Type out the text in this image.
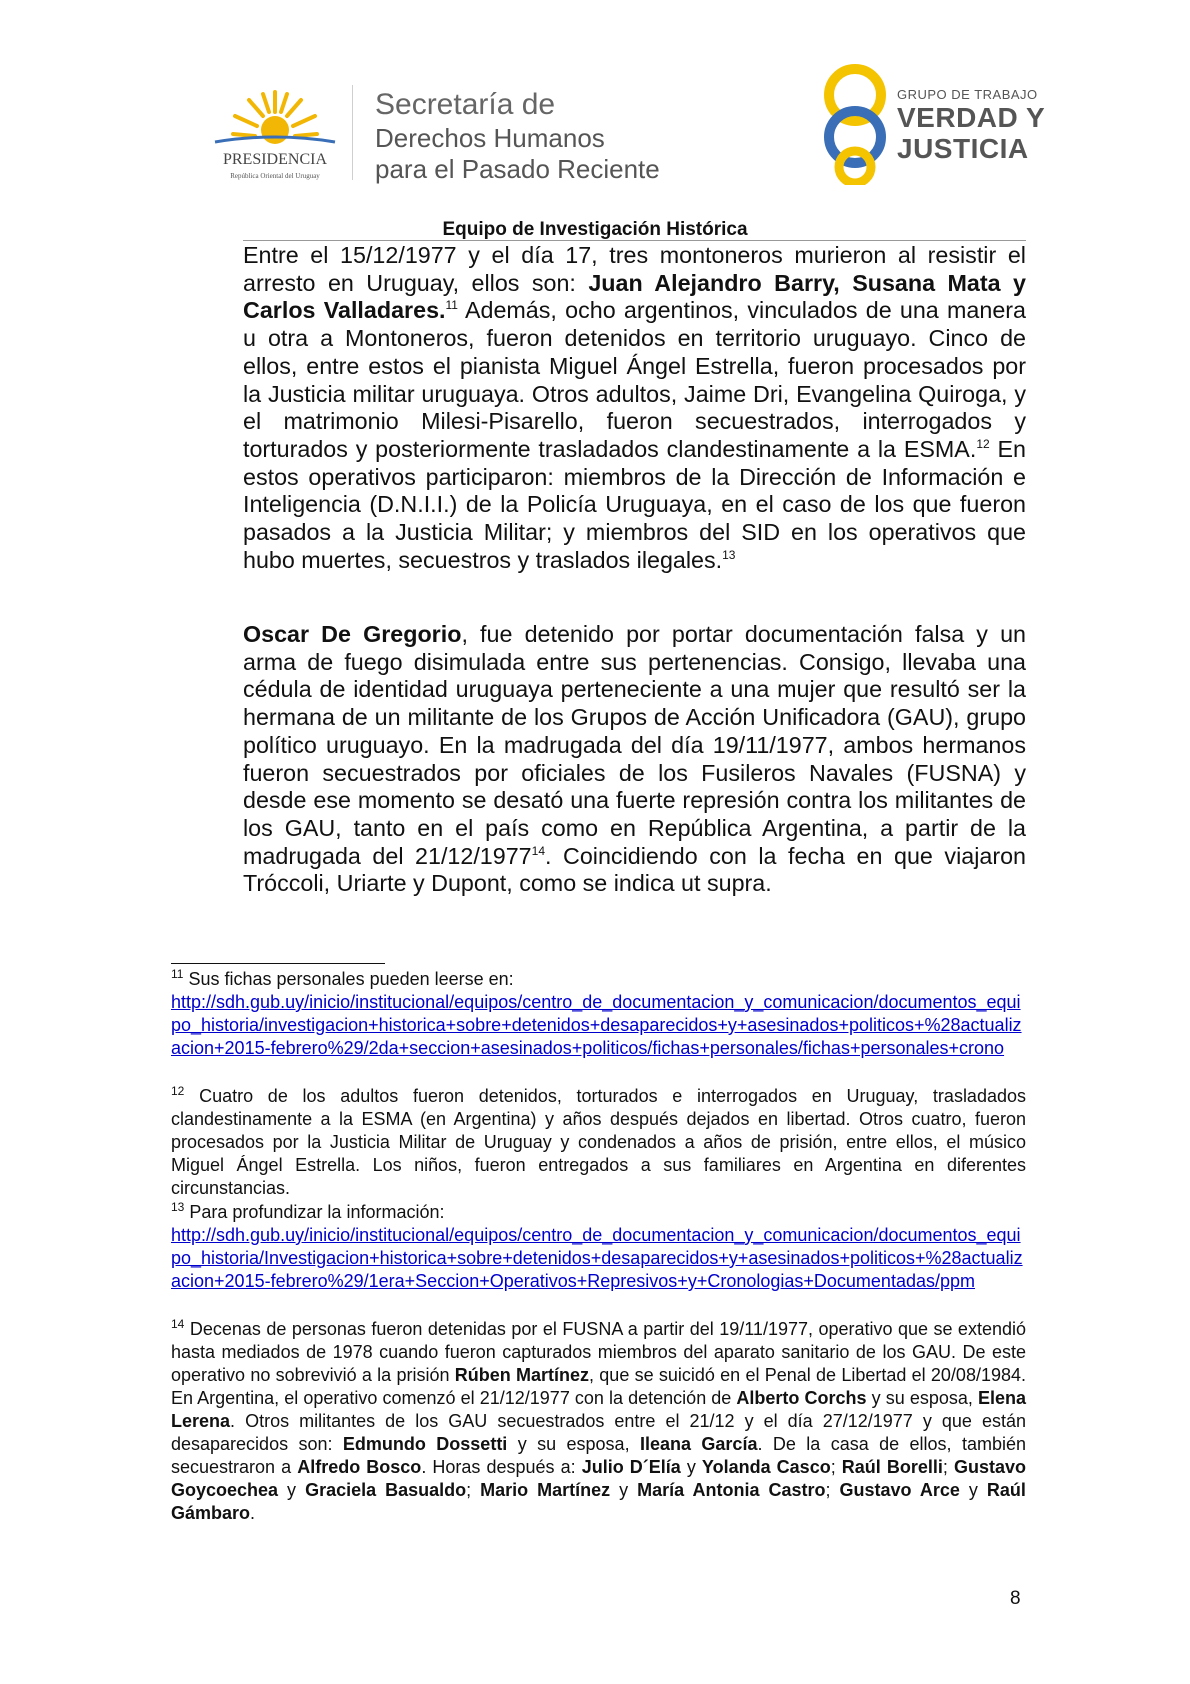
PRESIDENCIA
República Oriental del Uruguay
Secretaría de
Derechos Humanos
para el Pasado Reciente
GRUPO DE TRABAJO
VERDAD Y
JUSTICIA
Equipo de Investigación Histórica
Entre el 15/12/1977 y el día 17, tres montoneros murieron al resistir el arresto en Uruguay, ellos son: Juan Alejandro Barry, Susana Mata y Carlos Valladares.$^{11}$ Además, ocho argentinos, vinculados de una manera u otra a Montoneros, fueron detenidos en territorio uruguayo. Cinco de ellos, entre estos el pianista Miguel Ángel Estrella, fueron procesados por la Justicia militar uruguaya. Otros adultos, Jaime Dri, Evangelina Quiroga, y el matrimonio Milesi-Pisarello, fueron secuestrados, interrogados y torturados y posteriormente trasladados clandestinamente a la ESMA.$^{12}$ En estos operativos participaron: miembros de la Dirección de Información e Inteligencia (D.N.I.I.) de la Policía Uruguaya, en el caso de los que fueron pasados a la Justicia Militar; y miembros del SID en los operativos que hubo muertes, secuestros y traslados ilegales.$^{13}$
Oscar De Gregorio, fue detenido por portar documentación falsa y un arma de fuego disimulada entre sus pertenencias. Consigo, llevaba una cédula de identidad uruguaya perteneciente a una mujer que resultó ser la hermana de un militante de los Grupos de Acción Unificadora (GAU), grupo político uruguayo. En la madrugada del día 19/11/1977, ambos hermanos fueron secuestrados por oficiales de los Fusileros Navales (FUSNA) y desde ese momento se desató una fuerte represión contra los militantes de los GAU, tanto en el país como en República Argentina, a partir de la madrugada del 21/12/1977$^{14}$. Coincidiendo con la fecha en que viajaron Tróccoli, Uriarte y Dupont, como se indica ut supra.
$^{11}$ Sus fichas personales pueden leerse en:
http://sdh.gub.uy/inicio/institucional/equipos/centro_de_documentacion_y_comunicacion/documentos_equipo_historia/investigacion+historica+sobre+detenidos+desaparecidos+y+asesinados+politicos+%28actualizacion+2015-febrero%29/2da+seccion+asesinados+politicos/fichas+personales/fichas+personales+crono
$^{12}$ Cuatro de los adultos fueron detenidos, torturados e interrogados en Uruguay, trasladados clandestinamente a la ESMA (en Argentina) y años después dejados en libertad. Otros cuatro, fueron procesados por la Justicia Militar de Uruguay y condenados a años de prisión, entre ellos, el músico Miguel Ángel Estrella. Los niños, fueron entregados a sus familiares en Argentina en diferentes circunstancias.
$^{13}$ Para profundizar la información:
http://sdh.gub.uy/inicio/institucional/equipos/centro_de_documentacion_y_comunicacion/documentos_equipo_historia/Investigacion+historica+sobre+detenidos+desaparecidos+y+asesinados+politicos+%28actualizacion+2015-febrero%29/1era+Seccion+Operativos+Represivos+y+Cronologias+Documentadas/ppm
$^{14}$ Decenas de personas fueron detenidas por el FUSNA a partir del 19/11/1977, operativo que se extendió hasta mediados de 1978 cuando fueron capturados miembros del aparato sanitario de los GAU. De este operativo no sobrevivió a la prisión Rúben Martínez, que se suicidó en el Penal de Libertad el 20/08/1984. En Argentina, el operativo comenzó el 21/12/1977 con la detención de Alberto Corchs y su esposa, Elena Lerena. Otros militantes de los GAU secuestrados entre el 21/12 y el día 27/12/1977 y que están desaparecidos son: Edmundo Dossetti y su esposa, Ileana García. De la casa de ellos, también secuestraron a Alfredo Bosco. Horas después a: Julio D´Elía y Yolanda Casco; Raúl Borelli; Gustavo Goycoechea y Graciela Basualdo; Mario Martínez y María Antonia Castro; Gustavo Arce y Raúl Gámbaro.
8
